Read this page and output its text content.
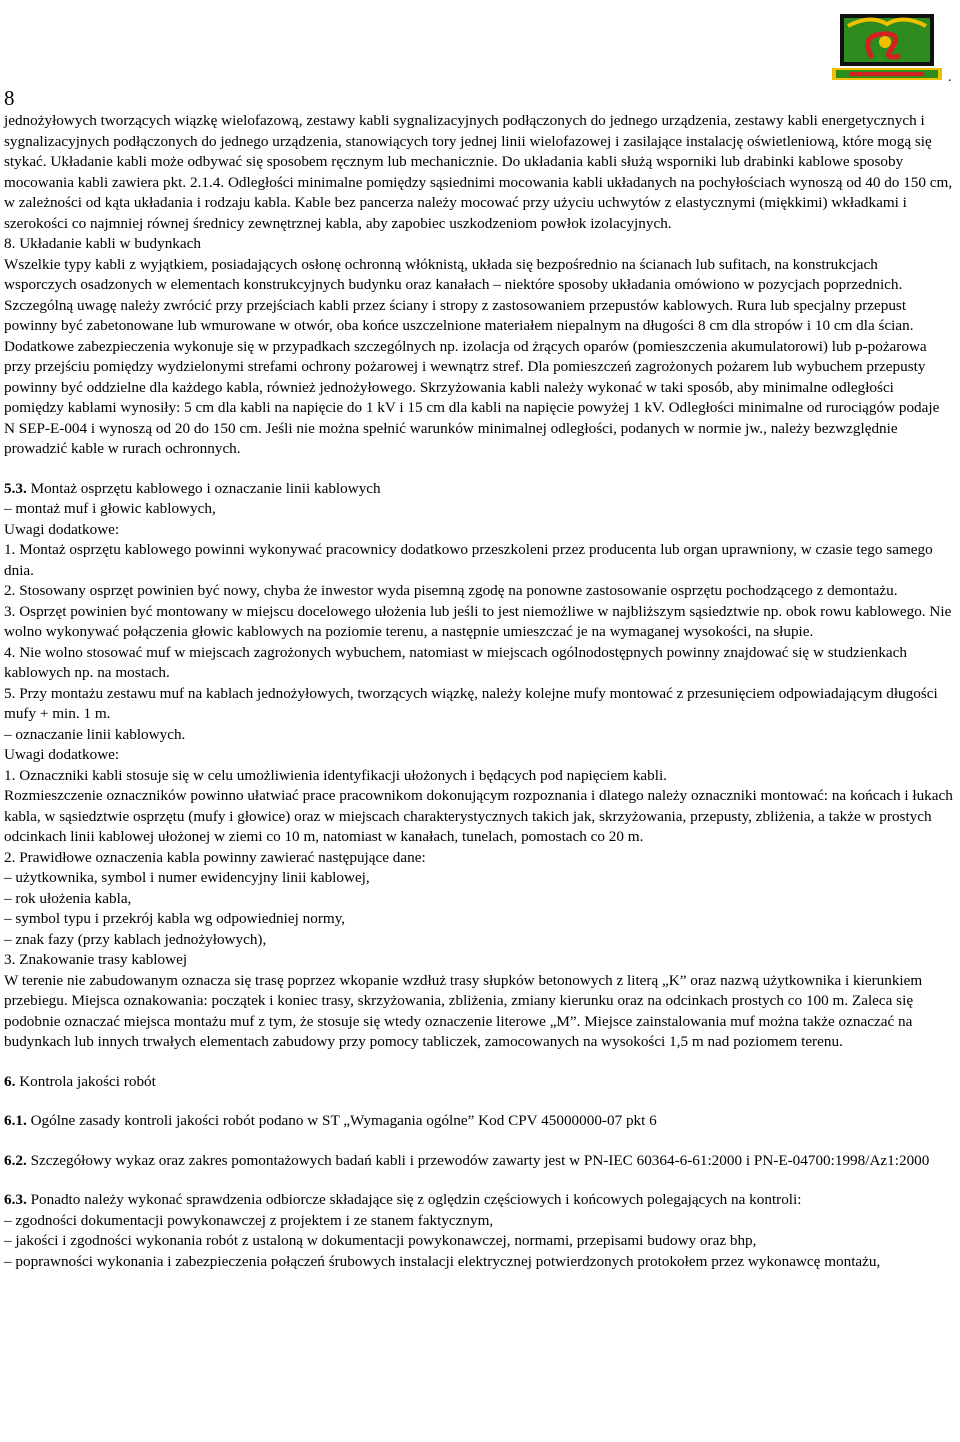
.
8

jednożyłowych tworzących wiązkę wielofazową, zestawy kabli sygnalizacyjnych podłączonych do jednego urządzenia, zestawy kabli energetycznych i sygnalizacyjnych podłączonych do jednego urządzenia, stanowiących tory jednej linii wielofazowej i zasilające instalację oświetleniową, które mogą się stykać. Układanie kabli może odbywać się sposobem ręcznym lub mechanicznie. Do układania kabli służą wsporniki lub drabinki kablowe sposoby mocowania kabli zawiera pkt. 2.1.4. Odległości minimalne pomiędzy sąsiednimi mocowania kabli układanych na pochyłościach wynoszą od 40 do 150 cm, w zależności od kąta układania i rodzaju kabla. Kable bez pancerza należy mocować przy użyciu uchwytów z elastycznymi (miękkimi) wkładkami i szerokości co najmniej równej średnicy zewnętrznej kabla, aby zapobiec uszkodzeniom powłok izolacyjnych.

8. Układanie kabli w budynkach

Wszelkie typy kabli z wyjątkiem, posiadających osłonę ochronną włóknistą, układa się bezpośrednio na ścianach lub sufitach, na konstrukcjach wsporczych osadzonych w elementach konstrukcyjnych budynku oraz kanałach – niektóre sposoby układania omówiono w pozycjach poprzednich. Szczególną uwagę należy zwrócić przy przejściach kabli przez ściany i stropy z zastosowaniem przepustów kablowych. Rura lub specjalny przepust powinny być zabetonowane lub wmurowane w otwór, oba końce uszczelnione materiałem niepalnym na długości 8 cm dla stropów i 10 cm dla ścian. Dodatkowe zabezpieczenia wykonuje się w przypadkach szczególnych np. izolacja od żrących oparów (pomieszczenia akumulatorowi) lub p-pożarowa przy przejściu pomiędzy wydzielonymi strefami ochrony pożarowej i wewnątrz stref. Dla pomieszczeń zagrożonych pożarem lub wybuchem przepusty powinny być oddzielne dla każdego kabla, również jednożyłowego. Skrzyżowania kabli należy wykonać w taki sposób, aby minimalne odległości pomiędzy kablami wynosiły: 5 cm dla kabli na napięcie do 1 kV i 15 cm dla kabli na napięcie powyżej 1 kV. Odległości minimalne od rurociągów podaje N SEP-E-004 i wynoszą od 20 do 150 cm. Jeśli nie można spełnić warunków minimalnej odległości, podanych w normie jw., należy bezwzględnie prowadzić kable w rurach ochronnych.

5.3. Montaż osprzętu kablowego i oznaczanie linii kablowych

– montaż muf i głowic kablowych,

Uwagi dodatkowe:

1. Montaż osprzętu kablowego powinni wykonywać pracownicy dodatkowo przeszkoleni przez producenta lub organ uprawniony, w czasie tego samego dnia.

2. Stosowany osprzęt powinien być nowy, chyba że inwestor wyda pisemną zgodę na ponowne zastosowanie osprzętu pochodzącego z demontażu.

3. Osprzęt powinien być montowany w miejscu docelowego ułożenia lub jeśli to jest niemożliwe w najbliższym sąsiedztwie np. obok rowu kablowego. Nie wolno wykonywać połączenia głowic kablowych na poziomie terenu, a następnie umieszczać je na wymaganej wysokości, na słupie.

4. Nie wolno stosować muf w miejscach zagrożonych wybuchem, natomiast w miejscach ogólnodostępnych powinny znajdować się w studzienkach kablowych np. na mostach.

5. Przy montażu zestawu muf na kablach jednożyłowych, tworzących wiązkę, należy kolejne mufy montować z przesunięciem odpowiadającym długości mufy + min. 1 m.

– oznaczanie linii kablowych.

Uwagi dodatkowe:

1. Oznaczniki kabli stosuje się w celu umożliwienia identyfikacji ułożonych i będących pod napięciem kabli.

Rozmieszczenie oznaczników powinno ułatwiać prace pracownikom dokonującym rozpoznania i dlatego należy oznaczniki montować: na końcach i łukach kabla, w sąsiedztwie osprzętu (mufy i głowice) oraz w miejscach charakterystycznych takich jak, skrzyżowania, przepusty, zbliżenia, a także w prostych odcinkach linii kablowej ułożonej w ziemi co 10 m, natomiast w kanałach, tunelach, pomostach co 20 m.

2. Prawidłowe oznaczenia kabla powinny zawierać następujące dane:

– użytkownika, symbol i numer ewidencyjny linii kablowej,

– rok ułożenia kabla,

– symbol typu i przekrój kabla wg odpowiedniej normy,

– znak fazy (przy kablach jednożyłowych),

3. Znakowanie trasy kablowej

W terenie nie zabudowanym oznacza się trasę poprzez wkopanie wzdłuż trasy słupków betonowych z literą „K” oraz nazwą użytkownika i kierunkiem przebiegu. Miejsca oznakowania: początek i koniec trasy, skrzyżowania, zbliżenia, zmiany kierunku oraz na odcinkach prostych co 100 m. Zaleca się podobnie oznaczać miejsca montażu muf z tym, że stosuje się wtedy oznaczenie literowe „M”. Miejsce zainstalowania muf można także oznaczać na budynkach lub innych trwałych elementach zabudowy przy pomocy tabliczek, zamocowanych na wysokości 1,5 m nad poziomem terenu.

6. Kontrola jakości robót

6.1. Ogólne zasady kontroli jakości robót podano w ST „Wymagania ogólne” Kod CPV 45000000-07 pkt 6

6.2. Szczegółowy wykaz oraz zakres pomontażowych badań kabli i przewodów zawarty jest w PN-IEC 60364-6-61:2000 i PN-E-04700:1998/Az1:2000

6.3. Ponadto należy wykonać sprawdzenia odbiorcze składające się z oględzin częściowych i końcowych polegających na kontroli:

– zgodności dokumentacji powykonawczej z projektem i ze stanem faktycznym,

– jakości i zgodności wykonania robót z ustaloną w dokumentacji powykonawczej, normami, przepisami budowy oraz bhp,

– poprawności wykonania i zabezpieczenia połączeń śrubowych instalacji elektrycznej potwierdzonych protokołem przez wykonawcę montażu,
